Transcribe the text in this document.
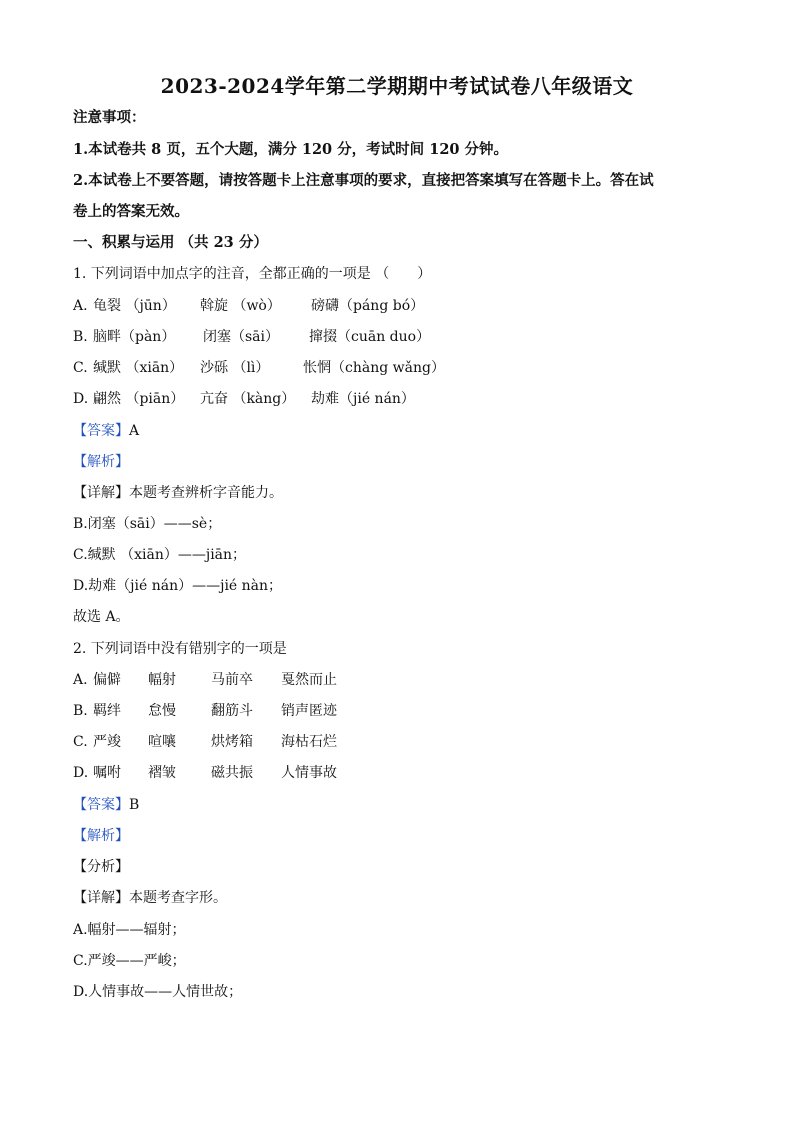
2023-2024学年第二学期期中考试试卷八年级语文
注意事项：
1.本试卷共 8 页，五个大题，满分 120 分，考试时间 120 分钟。
2.本试卷上不要答题，请按答题卡上注意事项的要求，直接把答案填写在答题卡上。答在试
卷上的答案无效。
一、积累与运用 （共 23 分）
1. 下列词语中加点字的注音，全都正确的一项是 （　　）
A. 龟裂 （jūn） 斡旋 （wò） 磅礴（páng bó）
B. 脑畔（pàn） 闭塞（sāi） 撺掇（cuān duo）
C. 缄默 （xiān） 沙砾 （lì） 怅惘（chàng wǎng）
D. 翩然 （piān） 亢奋 （kàng） 劫难（jié nán）
【答案】A
【解析】
【详解】本题考查辨析字音能力。
B.闭塞（sāi）——sè；
C.缄默 （xiān）——jiān；
D.劫难（jié nán）——jié nàn；
故选 A。
2. 下列词语中没有错别字的一项是
A. 偏僻 幅射	马前卒 戛然而止
B. 羁绊 怠慢	翻筋斗 销声匿迹
C. 严竣 喧嚷	烘烤箱 海枯石烂
D. 嘱咐 褶皱	磁共振 人情事故
【答案】B
【解析】
【分析】
【详解】本题考查字形。
A.幅射——辐射；
C.严竣——严峻；
D.人情事故——人情世故；
